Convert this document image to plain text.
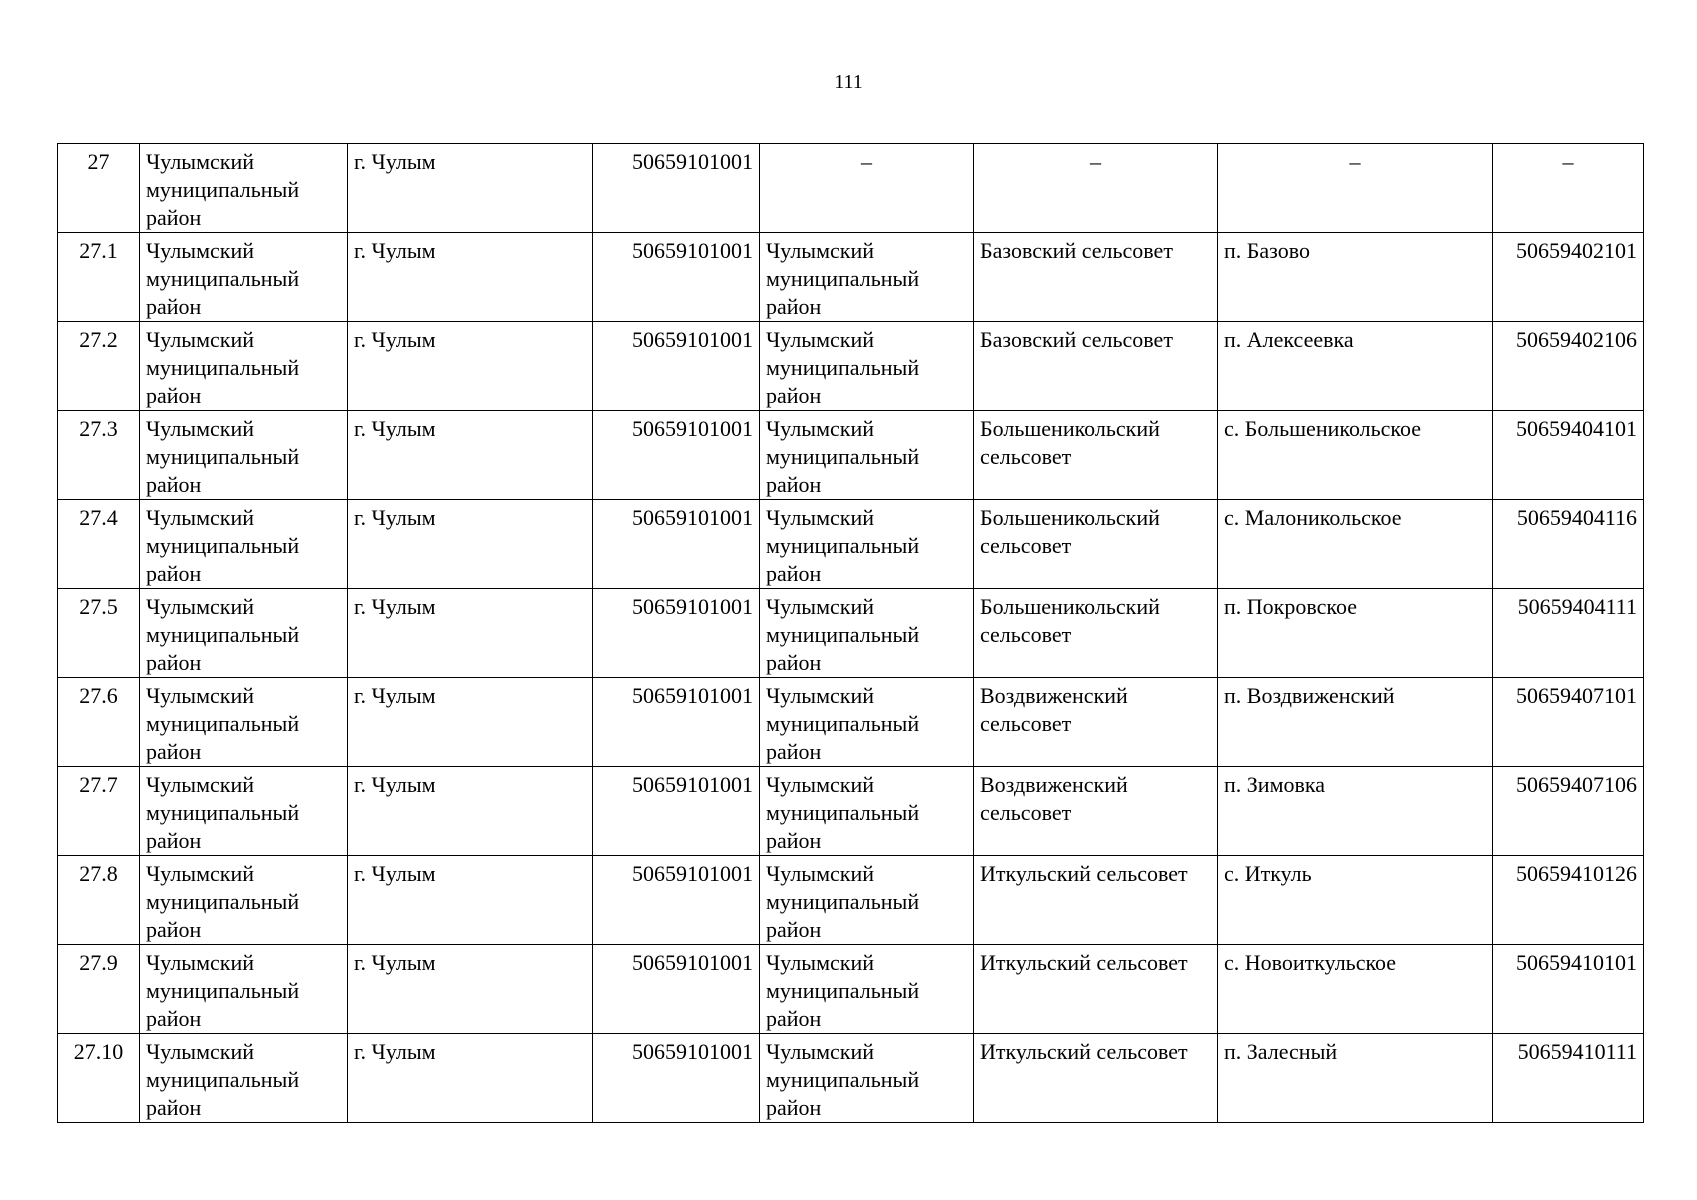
111
27	Чулымский муниципальный район	г. Чулым	50659101001	–	–	–	–
27.1	Чулымский муниципальный район	г. Чулым	50659101001	Чулымский муниципальный район	Базовский сельсовет	п. Базово	50659402101
27.2	Чулымский муниципальный район	г. Чулым	50659101001	Чулымский муниципальный район	Базовский сельсовет	п. Алексеевка	50659402106
27.3	Чулымский муниципальный район	г. Чулым	50659101001	Чулымский муниципальный район	Большеникольский сельсовет	с. Большеникольское	50659404101
27.4	Чулымский муниципальный район	г. Чулым	50659101001	Чулымский муниципальный район	Большеникольский сельсовет	с. Малоникольское	50659404116
27.5	Чулымский муниципальный район	г. Чулым	50659101001	Чулымский муниципальный район	Большеникольский сельсовет	п. Покровское	50659404111
27.6	Чулымский муниципальный район	г. Чулым	50659101001	Чулымский муниципальный район	Воздвиженский сельсовет	п. Воздвиженский	50659407101
27.7	Чулымский муниципальный район	г. Чулым	50659101001	Чулымский муниципальный район	Воздвиженский сельсовет	п. Зимовка	50659407106
27.8	Чулымский муниципальный район	г. Чулым	50659101001	Чулымский муниципальный район	Иткульский сельсовет	с. Иткуль	50659410126
27.9	Чулымский муниципальный район	г. Чулым	50659101001	Чулымский муниципальный район	Иткульский сельсовет	с. Новоиткульское	50659410101
27.10	Чулымский муниципальный район	г. Чулым	50659101001	Чулымский муниципальный район	Иткульский сельсовет	п. Залесный	50659410111
